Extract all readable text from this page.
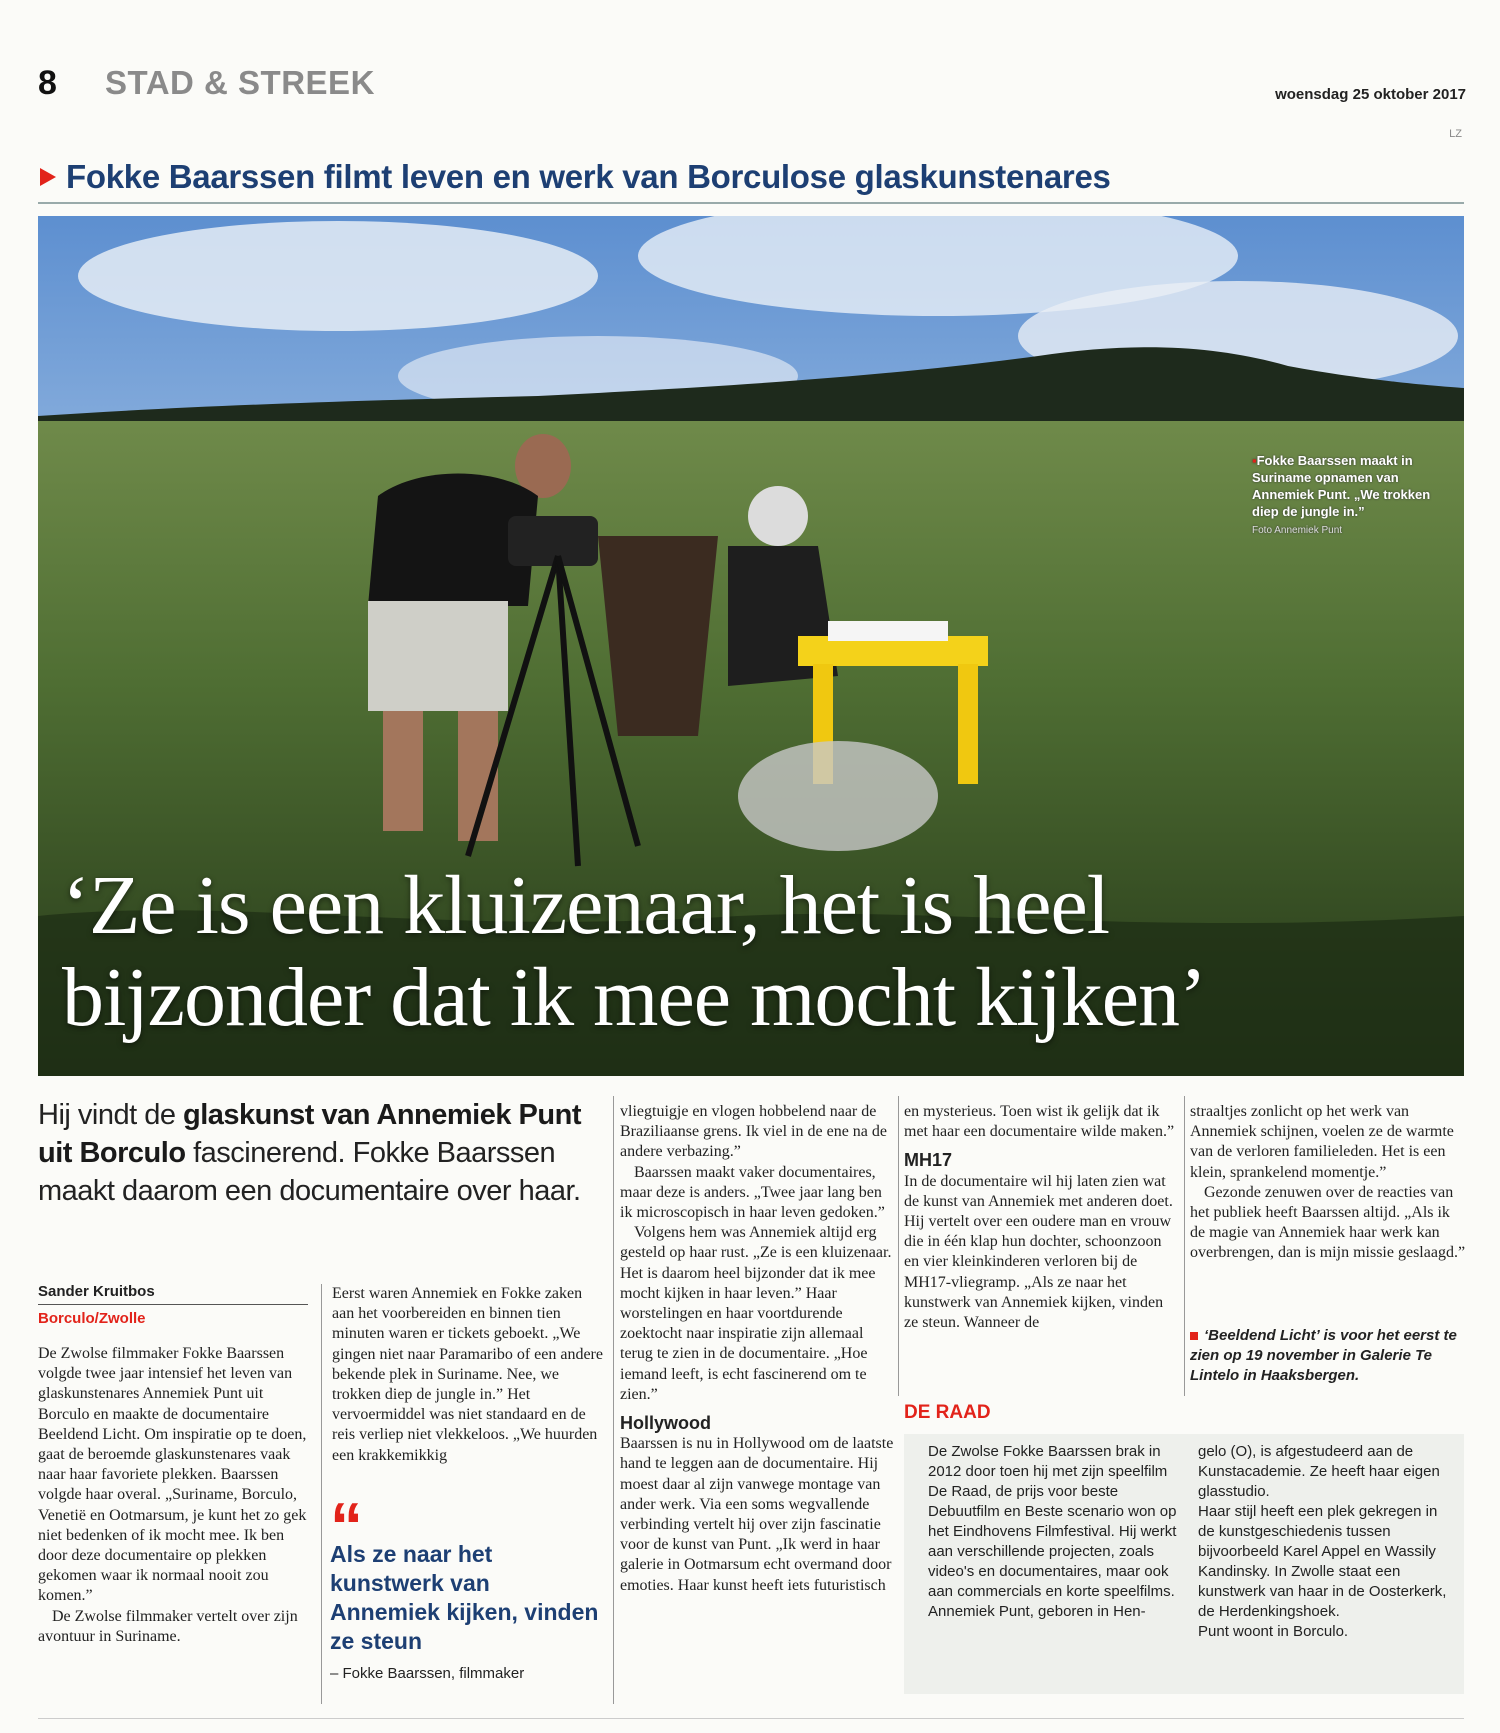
8 STAD & STREEK	woensdag 25 oktober 2017
LZ
Fokke Baarssen filmt leven en werk van Borculose glaskunstenares
▪Fokke Baarssen maakt in Suriname opnamen van Annemiek Punt. „We trokken diep de jungle in.”
Foto Annemiek Punt
‘Ze is een kluizenaar, het is heel
bijzonder dat ik mee mocht kijken’
Hij vindt de glaskunst van Annemiek Punt uit Borculo fascinerend. Fokke Baarssen maakt daarom een documentaire over haar.
Sander Kruitbos
Borculo/Zwolle

De Zwolse filmmaker Fokke Baarssen volgde twee jaar intensief het leven van glaskunstenares Annemiek Punt uit Borculo en maakte de documentaire Beeldend Licht. Om inspiratie op te doen, gaat de beroemde glaskunstenares vaak naar haar favoriete plekken. Baarssen volgde haar overal. „Suriname, Borculo, Venetië en Ootmarsum, je kunt het zo gek niet bedenken of ik mocht mee. Ik ben door deze documentaire op plekken gekomen waar ik normaal nooit zou komen.”

De Zwolse filmmaker vertelt over zijn avontuur in Suriname.

Eerst waren Annemiek en Fokke zaken aan het voorbereiden en binnen tien minuten waren er tickets geboekt. „We gingen niet naar Paramaribo of een andere bekende plek in Suriname. Nee, we trokken diep de jungle in.” Het vervoermiddel was niet standaard en de reis verliep niet vlekkeloos. „We huurden een krakkemikkig

“
Als ze naar het kunstwerk van Annemiek kijken, vinden ze steun
– Fokke Baarssen, filmmaker

vliegtuigje en vlogen hobbelend naar de Braziliaanse grens. Ik viel in de ene na de andere verbazing.”

Baarssen maakt vaker documentaires, maar deze is anders. „Twee jaar lang ben ik microscopisch in haar leven gedoken.”

Volgens hem was Annemiek altijd erg gesteld op haar rust. „Ze is een kluizenaar. Het is daarom heel bijzonder dat ik mee mocht kijken in haar leven.” Haar worstelingen en haar voortdurende zoektocht naar inspiratie zijn allemaal terug te zien in de documentaire. „Hoe iemand leeft, is echt fascinerend om te zien.”

Hollywood

Baarssen is nu in Hollywood om de laatste hand te leggen aan de documentaire. Hij moest daar al zijn vanwege montage van ander werk. Via een soms wegvallende verbinding vertelt hij over zijn fascinatie voor de kunst van Punt. „Ik werd in haar galerie in Ootmarsum echt overmand door emoties. Haar kunst heeft iets futuristisch

en mysterieus. Toen wist ik gelijk dat ik met haar een documentaire wilde maken.”

MH17

In de documentaire wil hij laten zien wat de kunst van Annemiek met anderen doet. Hij vertelt over een oudere man en vrouw die in één klap hun dochter, schoonzoon en vier kleinkinderen verloren bij de MH17-vliegramp. „Als ze naar het kunstwerk van Annemiek kijken, vinden ze steun. Wanneer de

straaltjes zonlicht op het werk van Annemiek schijnen, voelen ze de warmte van de verloren familieleden. Het is een klein, sprankelend momentje.”

Gezonde zenuwen over de reacties van het publiek heeft Baarssen altijd. „Als ik de magie van Annemiek haar werk kan overbrengen, dan is mijn missie geslaagd.”

‘Beeldend Licht’ is voor het eerst te zien op 19 november in Galerie Te Lintelo in Haaksbergen.
DE RAAD
De Zwolse Fokke Baarssen brak in 2012 door toen hij met zijn speelfilm De Raad, de prijs voor beste Debuutfilm en Beste scenario won op het Eindhovens Filmfestival. Hij werkt aan verschillende projecten, zoals video's en documentaires, maar ook aan commercials en korte speelfilms.
Annemiek Punt, geboren in Hen-
gelo (O), is afgestudeerd aan de Kunstacademie. Ze heeft haar eigen glasstudio.
Haar stijl heeft een plek gekregen in de kunstgeschiedenis tussen bijvoorbeeld Karel Appel en Wassily Kandinsky. In Zwolle staat een kunstwerk van haar in de Oosterkerk, de Herdenkingshoek.
Punt woont in Borculo.
